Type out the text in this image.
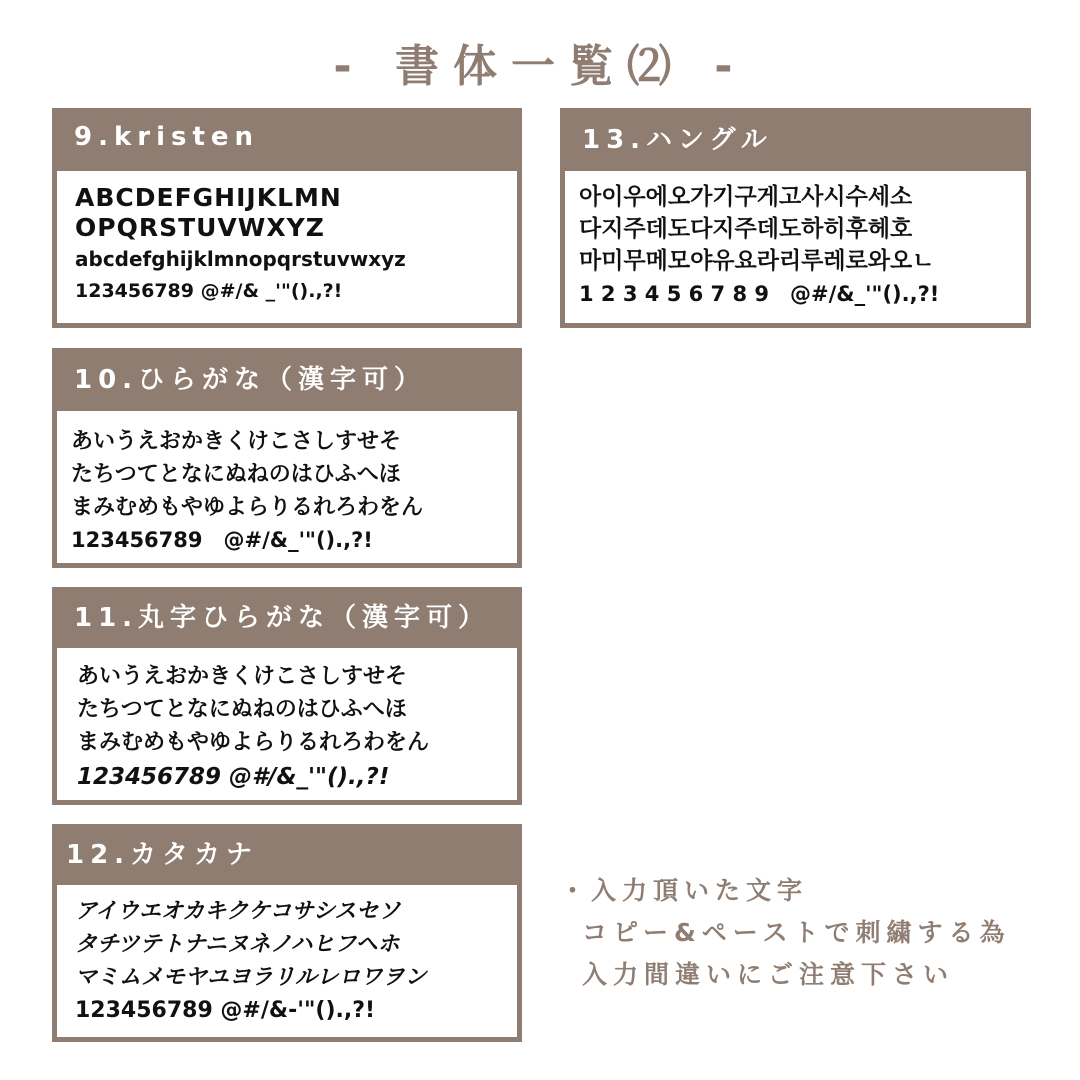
- 書体一覧⑵ -
9.kristen
ABCDEFGHIJKLMN
OPQRSTUVWXYZ
abcdefghijklmnopqrstuvwxyz
123456789 @#/& _'"().,?!
10.ひらがな（漢字可）
あいうえおかきくけこさしすせそ
たちつてとなにぬねのはひふへほ
まみむめもやゆよらりるれろわをん
123456789　@#/&_'"().,?!
11.丸字ひらがな（漢字可）
あいうえおかきくけこさしすせそ
たちつてとなにぬねのはひふへほ
まみむめもやゆよらりるれろわをん
123456789 @#/&_'"().,?!
12.カタカナ
アイウエオカキクケコサシスセソ
タチツテトナニヌネノハヒフヘホ
マミムメモヤユヨラリルレロワヲン
123456789 @#/&-'"().,?!
13.ハングル
아이우에오가기구게고사시수세소
다지주데도다지주데도하히후헤호
마미무메모야유요라리루레로와오ㄴ
1 2 3 4 5 6 7 8 9　@#/&_'"().,?!
・入力頂いた文字
コピー&ペーストで刺繍する為
入力間違いにご注意下さい
